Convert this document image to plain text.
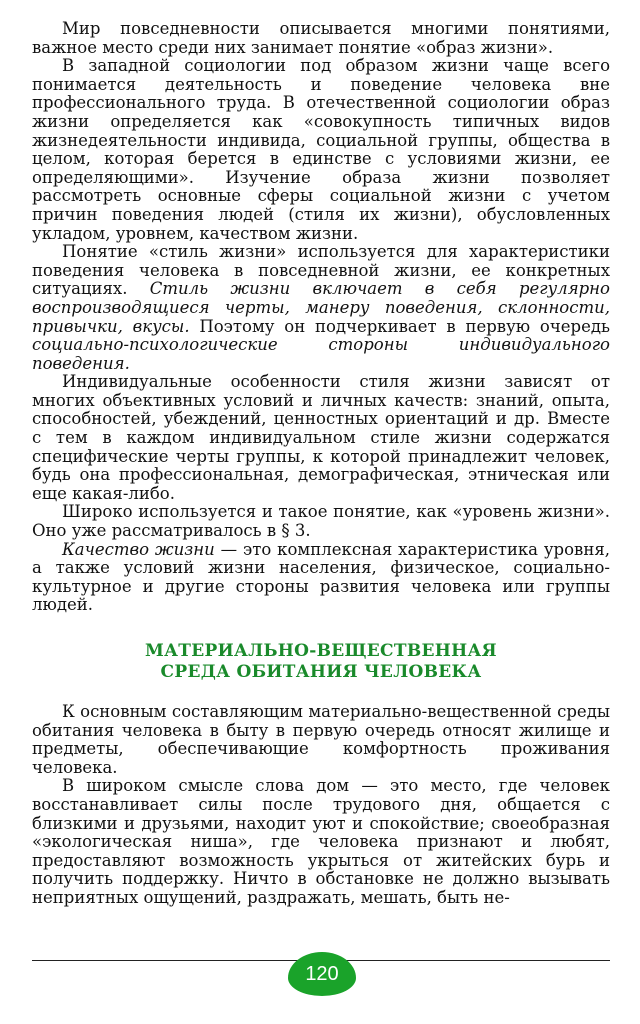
Мир повседневности описывается многими понятиями, важное место среди них занимает понятие «образ жизни».

В западной социологии под образом жизни чаще всего понимается деятельность и поведение человека вне профессионального труда. В отечественной социологии образ жизни определяется как «совокупность типичных видов жизнедеятельности индивида, социальной группы, общества в целом, которая берется в единстве с условиями жизни, ее определяющими». Изучение образа жизни позволяет рассмотреть основные сферы социальной жизни с учетом причин поведения людей (стиля их жизни), обусловленных укладом, уровнем, качеством жизни.

Понятие «стиль жизни» используется для характеристики поведения человека в повседневной жизни, ее конкретных ситуациях. Стиль жизни включает в себя регулярно воспроизводящиеся черты, манеру поведения, склонности, привычки, вкусы. Поэтому он подчеркивает в первую очередь социально-психологические стороны индивидуального поведения.

Индивидуальные особенности стиля жизни зависят от многих объективных условий и личных качеств: знаний, опыта, способностей, убеждений, ценностных ориентаций и др. Вместе с тем в каждом индивидуальном стиле жизни содержатся специфические черты группы, к которой принадлежит человек, будь она профессиональная, демографическая, этническая или еще какая-либо.

Широко используется и такое понятие, как «уровень жизни». Оно уже рассматривалось в § 3.

Качество жизни — это комплексная характеристика уровня, а также условий жизни населения, физическое, социально-культурное и другие стороны развития человека или группы людей.

МАТЕРИАЛЬНО-ВЕЩЕСТВЕННАЯ
СРЕДА ОБИТАНИЯ ЧЕЛОВЕКА

К основным составляющим материально-вещественной среды обитания человека в быту в первую очередь относят жилище и предметы, обеспечивающие комфортность проживания человека.

В широком смысле слова дом — это место, где человек восстанавливает силы после трудового дня, общается с близкими и друзьями, находит уют и спокойствие; своеобразная «экологическая ниша», где человека признают и любят, предоставляют возможность укрыться от житейских бурь и получить поддержку. Ничто в обстановке не должно вызывать неприятных ощущений, раздражать, мешать, быть не-

120
